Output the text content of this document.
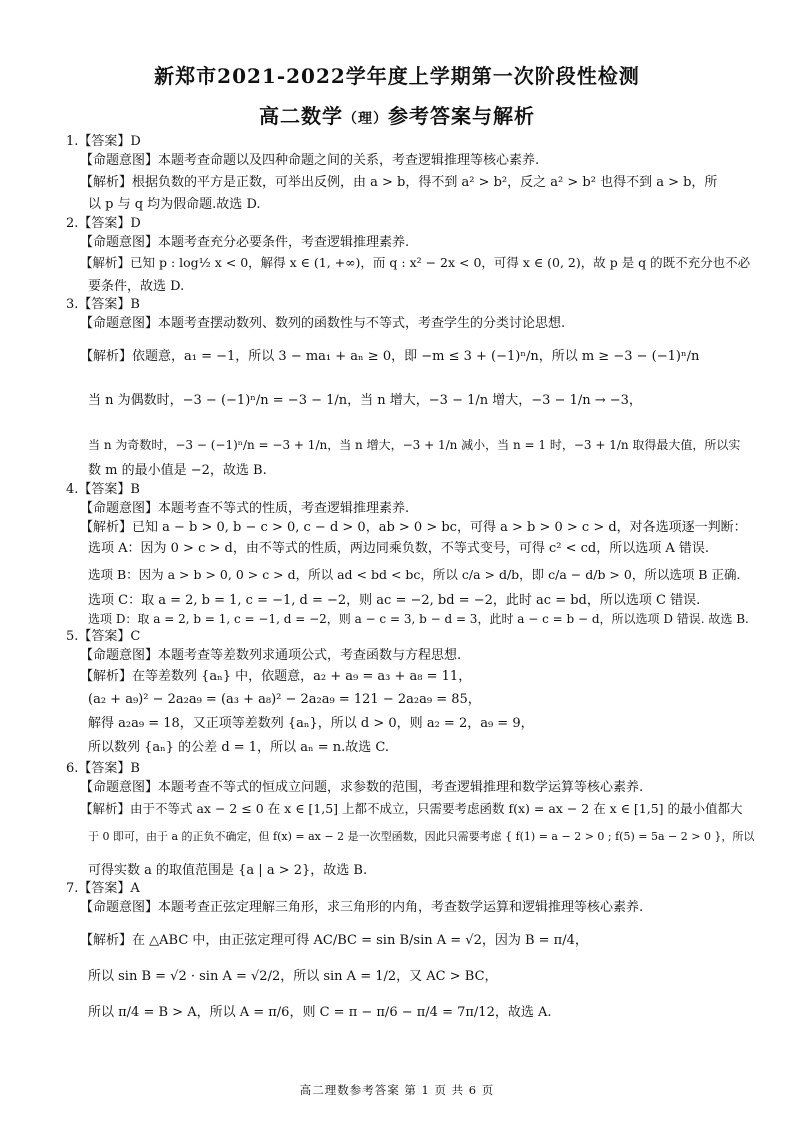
新郑市2021-2022学年度上学期第一次阶段性检测
高二数学（理）参考答案与解析
1.【答案】D
【命题意图】本题考查命题以及四种命题之间的关系，考查逻辑推理等核心素养.
【解析】根据负数的平方是正数，可举出反例，由 a > b，得不到 a² > b²，反之 a² > b² 也得不到 a > b，所
以 p 与 q 均为假命题.故选 D.
2.【答案】D
【命题意图】本题考查充分必要条件，考查逻辑推理素养.
【解析】已知 p : log½ x < 0，解得 x ∈ (1, +∞)，而 q : x² − 2x < 0，可得 x ∈ (0, 2)，故 p 是 q 的既不充分也不必
要条件，故选 D.
3.【答案】B
【命题意图】本题考查摆动数列、数列的函数性与不等式，考查学生的分类讨论思想.
【解析】依题意，a₁ = −1，所以 3 − ma₁ + aₙ ≥ 0，即 −m ≤ 3 + (−1)ⁿ/n，所以 m ≥ −3 − (−1)ⁿ/n
当 n 为偶数时，−3 − (−1)ⁿ/n = −3 − 1/n，当 n 增大，−3 − 1/n 增大，−3 − 1/n → −3，
当 n 为奇数时，−3 − (−1)ⁿ/n = −3 + 1/n，当 n 增大，−3 + 1/n 减小，当 n = 1 时，−3 + 1/n 取得最大值，所以实
数 m 的最小值是 −2，故选 B.
4.【答案】B
【命题意图】本题考查不等式的性质，考查逻辑推理素养.
【解析】已知 a − b > 0, b − c > 0, c − d > 0，ab > 0 > bc，可得 a > b > 0 > c > d，对各选项逐一判断：
选项 A：因为 0 > c > d，由不等式的性质，两边同乘负数，不等式变号，可得 c² < cd，所以选项 A 错误.
选项 B：因为 a > b > 0, 0 > c > d，所以 ad < bd < bc，所以 c/a > d/b，即 c/a − d/b > 0，所以选项 B 正确.
选项 C：取 a = 2, b = 1, c = −1, d = −2，则 ac = −2, bd = −2，此时 ac = bd，所以选项 C 错误.
选项 D：取 a = 2, b = 1, c = −1, d = −2，则 a − c = 3, b − d = 3，此时 a − c = b − d，所以选项 D 错误. 故选 B.
5.【答案】C
【命题意图】本题考查等差数列求通项公式，考查函数与方程思想.
【解析】在等差数列 {aₙ} 中，依题意，a₂ + a₉ = a₃ + a₈ = 11，
(a₂ + a₉)² − 2a₂a₉ = (a₃ + a₈)² − 2a₂a₉ = 121 − 2a₂a₉ = 85，
解得 a₂a₉ = 18，又正项等差数列 {aₙ}，所以 d > 0，则 a₂ = 2，a₉ = 9，
所以数列 {aₙ} 的公差 d = 1，所以 aₙ = n.故选 C.
6.【答案】B
【命题意图】本题考查不等式的恒成立问题，求参数的范围，考查逻辑推理和数学运算等核心素养.
【解析】由于不等式 ax − 2 ≤ 0 在 x ∈ [1,5] 上都不成立，只需要考虑函数 f(x) = ax − 2 在 x ∈ [1,5] 的最小值都大
于 0 即可，由于 a 的正负不确定，但 f(x) = ax − 2 是一次型函数，因此只需要考虑 { f(1) = a − 2 > 0 ; f(5) = 5a − 2 > 0 }，所以
可得实数 a 的取值范围是 {a | a > 2}，故选 B.
7.【答案】A
【命题意图】本题考查正弦定理解三角形，求三角形的内角，考查数学运算和逻辑推理等核心素养.
【解析】在 △ABC 中，由正弦定理可得 AC/BC = sin B/sin A = √2，因为 B = π/4，
所以 sin B = √2 · sin A = √2/2，所以 sin A = 1/2，又 AC > BC，
所以 π/4 = B > A，所以 A = π/6，则 C = π − π/6 − π/4 = 7π/12，故选 A.
高二理数参考答案 第 1 页 共 6 页
